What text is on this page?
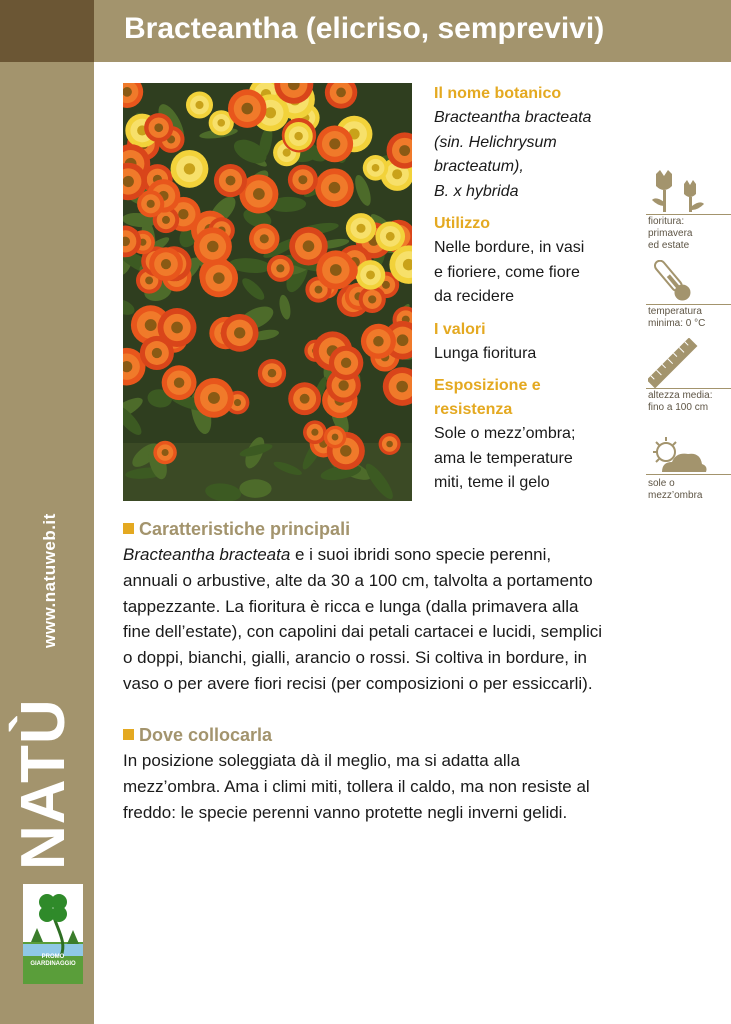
Bracteantha (elicriso, semprevivi)
NATÙ
www.natuweb.it
PROMO GIARDINAGGIO
Il nome botanico
Bracteantha bracteata
(sin. Helichrysum
bracteatum),
B. x hybrida
Utilizzo
Nelle bordure, in vasi
e fioriere, come fiore
da recidere
I valori
Lunga fioritura
Esposizione e
resistenza
Sole o mezz’ombra;
ama le temperature
miti, teme il gelo
fioritura:
primavera
ed estate
temperatura
minima: 0 °C
altezza media:
fino a 100 cm
sole o
mezz’ombra
Caratteristiche principali
Bracteantha bracteata e i suoi ibridi sono specie perenni,
annuali o arbustive, alte da 30 a 100 cm, talvolta a portamento
tappezzante. La fioritura è ricca e lunga (dalla primavera alla
fine dell’estate), con capolini dai petali cartacei e lucidi, semplici
o doppi, bianchi, gialli, arancio o rossi. Si coltiva in bordure, in
vaso o per avere fiori recisi (per composizioni o per essiccarli).
Dove collocarla
In posizione soleggiata dà il meglio, ma si adatta alla
mezz’ombra. Ama i climi miti, tollera il caldo, ma non resiste al
freddo: le specie perenni vanno protette negli inverni gelidi.
